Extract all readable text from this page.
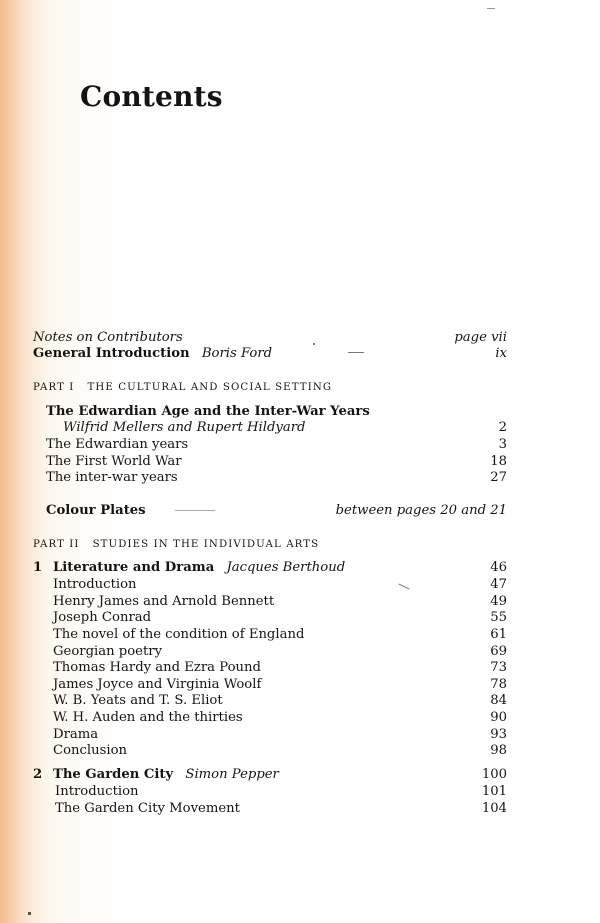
Contents
Notes on Contributors	page vii
General Introduction Boris Ford	ix
PART I   THE CULTURAL AND SOCIAL SETTING
The Edwardian Age and the Inter-War Years
Wilfrid Mellers and Rupert Hildyard	2
The Edwardian years	3
The First World War	18
The inter-war years	27
Colour Plates	between pages 20 and 21
PART II   STUDIES IN THE INDIVIDUAL ARTS
1 Literature and Drama Jacques Berthoud	46
Introduction	47
Henry James and Arnold Bennett	49
Joseph Conrad	55
The novel of the condition of England	61
Georgian poetry	69
Thomas Hardy and Ezra Pound	73
James Joyce and Virginia Woolf	78
W. B. Yeats and T. S. Eliot	84
W. H. Auden and the thirties	90
Drama	93
Conclusion	98
2 The Garden City Simon Pepper	100
Introduction	101
The Garden City Movement	104
